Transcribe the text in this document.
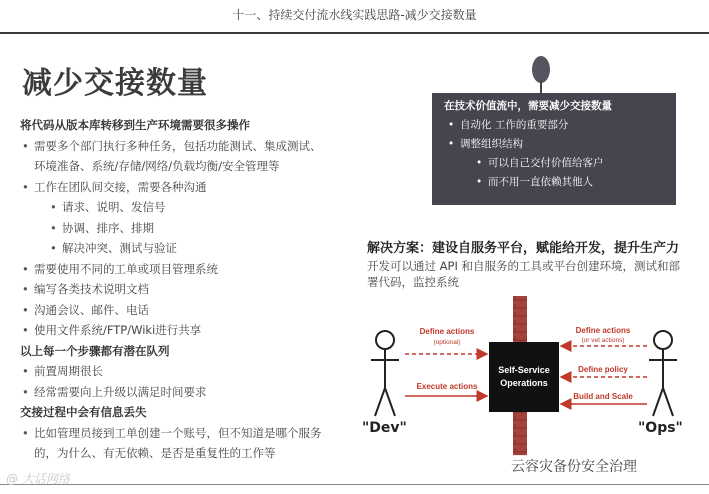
十一、持续交付流水线实践思路-减少交接数量
减少交接数量
将代码从版本库转移到生产环境需要很多操作
• 需要多个部门执行多种任务，包括功能测试、集成测试、
环境准备、系统/存储/网络/负载均衡/安全管理等
• 工作在团队间交接，需要各种沟通
• 请求、说明、发信号
• 协调、排序、排期
• 解决冲突、测试与验证
• 需要使用不同的工单或项目管理系统
• 编写各类技术说明文档
• 沟通会议、邮件、电话
• 使用文件系统/FTP/Wiki进行共享
以上每一个步骤都有潜在队列
• 前置周期很长
• 经常需要向上升级以满足时间要求
交接过程中会有信息丢失
• 比如管理员接到工单创建一个账号，但不知道是哪个服务
的，为什么、有无依赖、是否是重复性的工作等
在技术价值流中，需要减少交接数量
• 自动化 工作的重要部分
• 调整组织结构
• 可以自己交付价值给客户
• 而不用一直依赖其他人
解决方案：建设自服务平台，赋能给开发，提升生产力
开发可以通过 API 和自服务的工具或平台创建环境，测试和部署代码，监控系统
Self-Service
Operations
Define actions
(optional)
Execute actions
Define actions
(or vet actions)
Define policy
Build and Scale
"Dev"	"Ops"
@ 大话网络
云容灾备份安全治理
